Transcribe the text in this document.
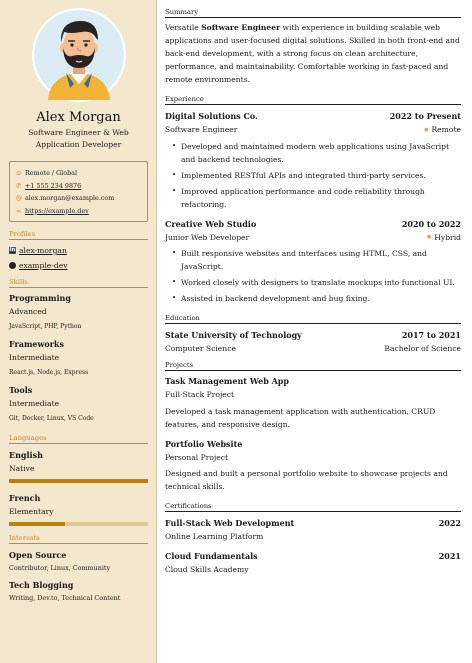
Alex Morgan
Software Engineer & Web Application Developer
⊙ Remote / Global
✆ +1 555 234 9876
@ alex.morgan@example.com
∞ https://example.dev
Profiles
in alex-morgan
example-dev
Skills
Programming
Advanced
JavaScript, PHP, Python
Frameworks
Intermediate
React.js, Node.js, Express
Tools
Intermediate
Git, Docker, Linux, VS Code
Languages
English
Native
French
Elementary
Interests
Open Source
Contributor, Linux, Community
Tech Blogging
Writing, Dev.to, Technical Content
Summary

Versatile Software Engineer with experience in building scalable web applications and user-focused digital solutions. Skilled in both front-end and back-end development, with a strong focus on clean architecture, performance, and maintainability. Comfortable working in fast-paced and remote environments.

Experience
Digital Solutions Co.	2022 to Present
Software Engineer	● Remote
• Developed and maintained modern web applications using JavaScript and backend technologies.
• Implemented RESTful APIs and integrated third-party services.
• Improved application performance and code reliability through refactoring.
Creative Web Studio	2020 to 2022
Junior Web Developer	● Hybrid
• Built responsive websites and interfaces using HTML, CSS, and JavaScript.
• Worked closely with designers to translate mockups into functional UI.
• Assisted in backend development and bug fixing.
Education
State University of Technology	2017 to 2021
Computer Science	Bachelor of Science
Projects
Task Management Web App
Full-Stack Project

Developed a task management application with authentication, CRUD features, and responsive design.

Portfolio Website
Personal Project

Designed and built a personal portfolio website to showcase projects and technical skills.

Certifications
Full-Stack Web Development	2022
Online Learning Platform
Cloud Fundamentals	2021
Cloud Skills Academy
